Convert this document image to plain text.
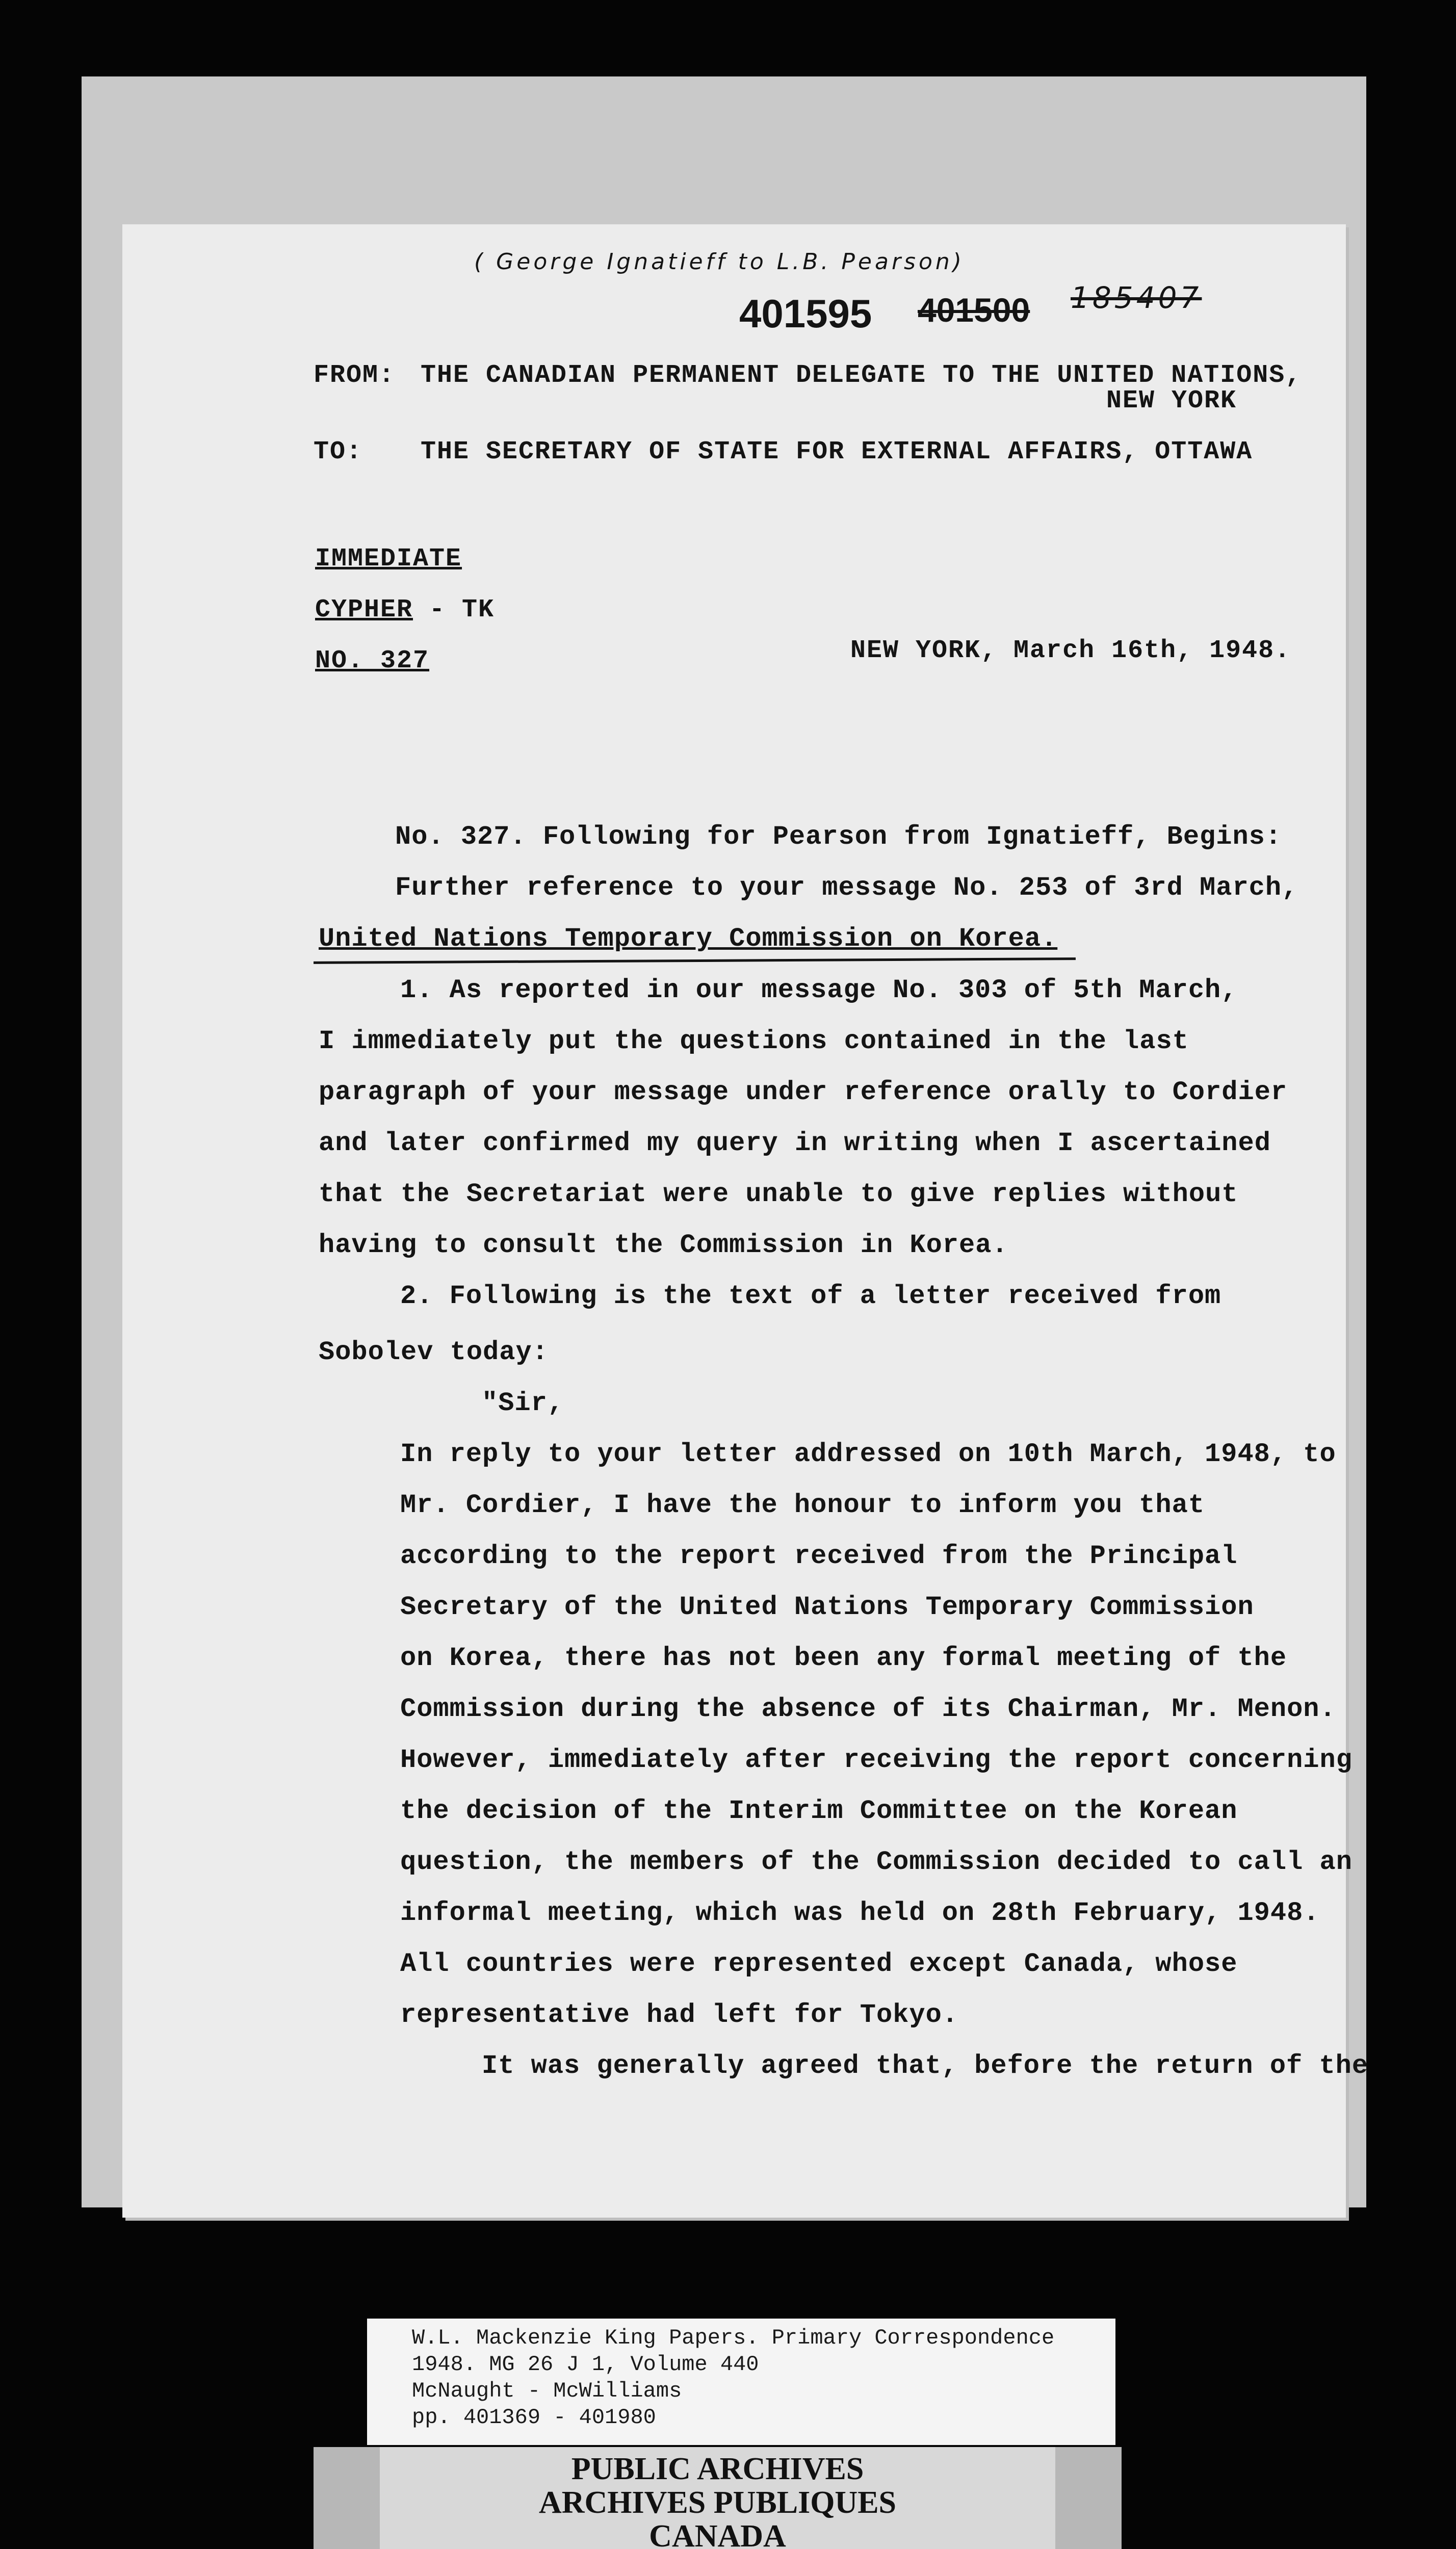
( George Ignatieff to L.B. Pearson)
401595 401500 185407
FROM: THE CANADIAN PERMANENT DELEGATE TO THE UNITED NATIONS,
NEW YORK
TO: THE SECRETARY OF STATE FOR EXTERNAL AFFAIRS, OTTAWA
IMMEDIATE
CYPHER - TK
NO. 327	NEW YORK, March 16th, 1948.
No. 327. Following for Pearson from Ignatieff, Begins:
Further reference to your message No. 253 of 3rd March,
United Nations Temporary Commission on Korea.
1. As reported in our message No. 303 of 5th March,
I immediately put the questions contained in the last
paragraph of your message under reference orally to Cordier
and later confirmed my query in writing when I ascertained
that the Secretariat were unable to give replies without
having to consult the Commission in Korea.
2. Following is the text of a letter received from
Sobolev today:
"Sir,
In reply to your letter addressed on 10th March, 1948, to
Mr. Cordier, I have the honour to inform you that
according to the report received from the Principal
Secretary of the United Nations Temporary Commission
on Korea, there has not been any formal meeting of the
Commission during the absence of its Chairman, Mr. Menon.
However, immediately after receiving the report concerning
the decision of the Interim Committee on the Korean
question, the members of the Commission decided to call an
informal meeting, which was held on 28th February, 1948.
All countries were represented except Canada, whose
representative had left for Tokyo.
It was generally agreed that, before the return of the
W.L. Mackenzie King Papers. Primary Correspondence
1948. MG 26 J 1, Volume 440
McNaught - McWilliams
pp. 401369 - 401980
PUBLIC ARCHIVES
ARCHIVES PUBLIQUES
CANADA
